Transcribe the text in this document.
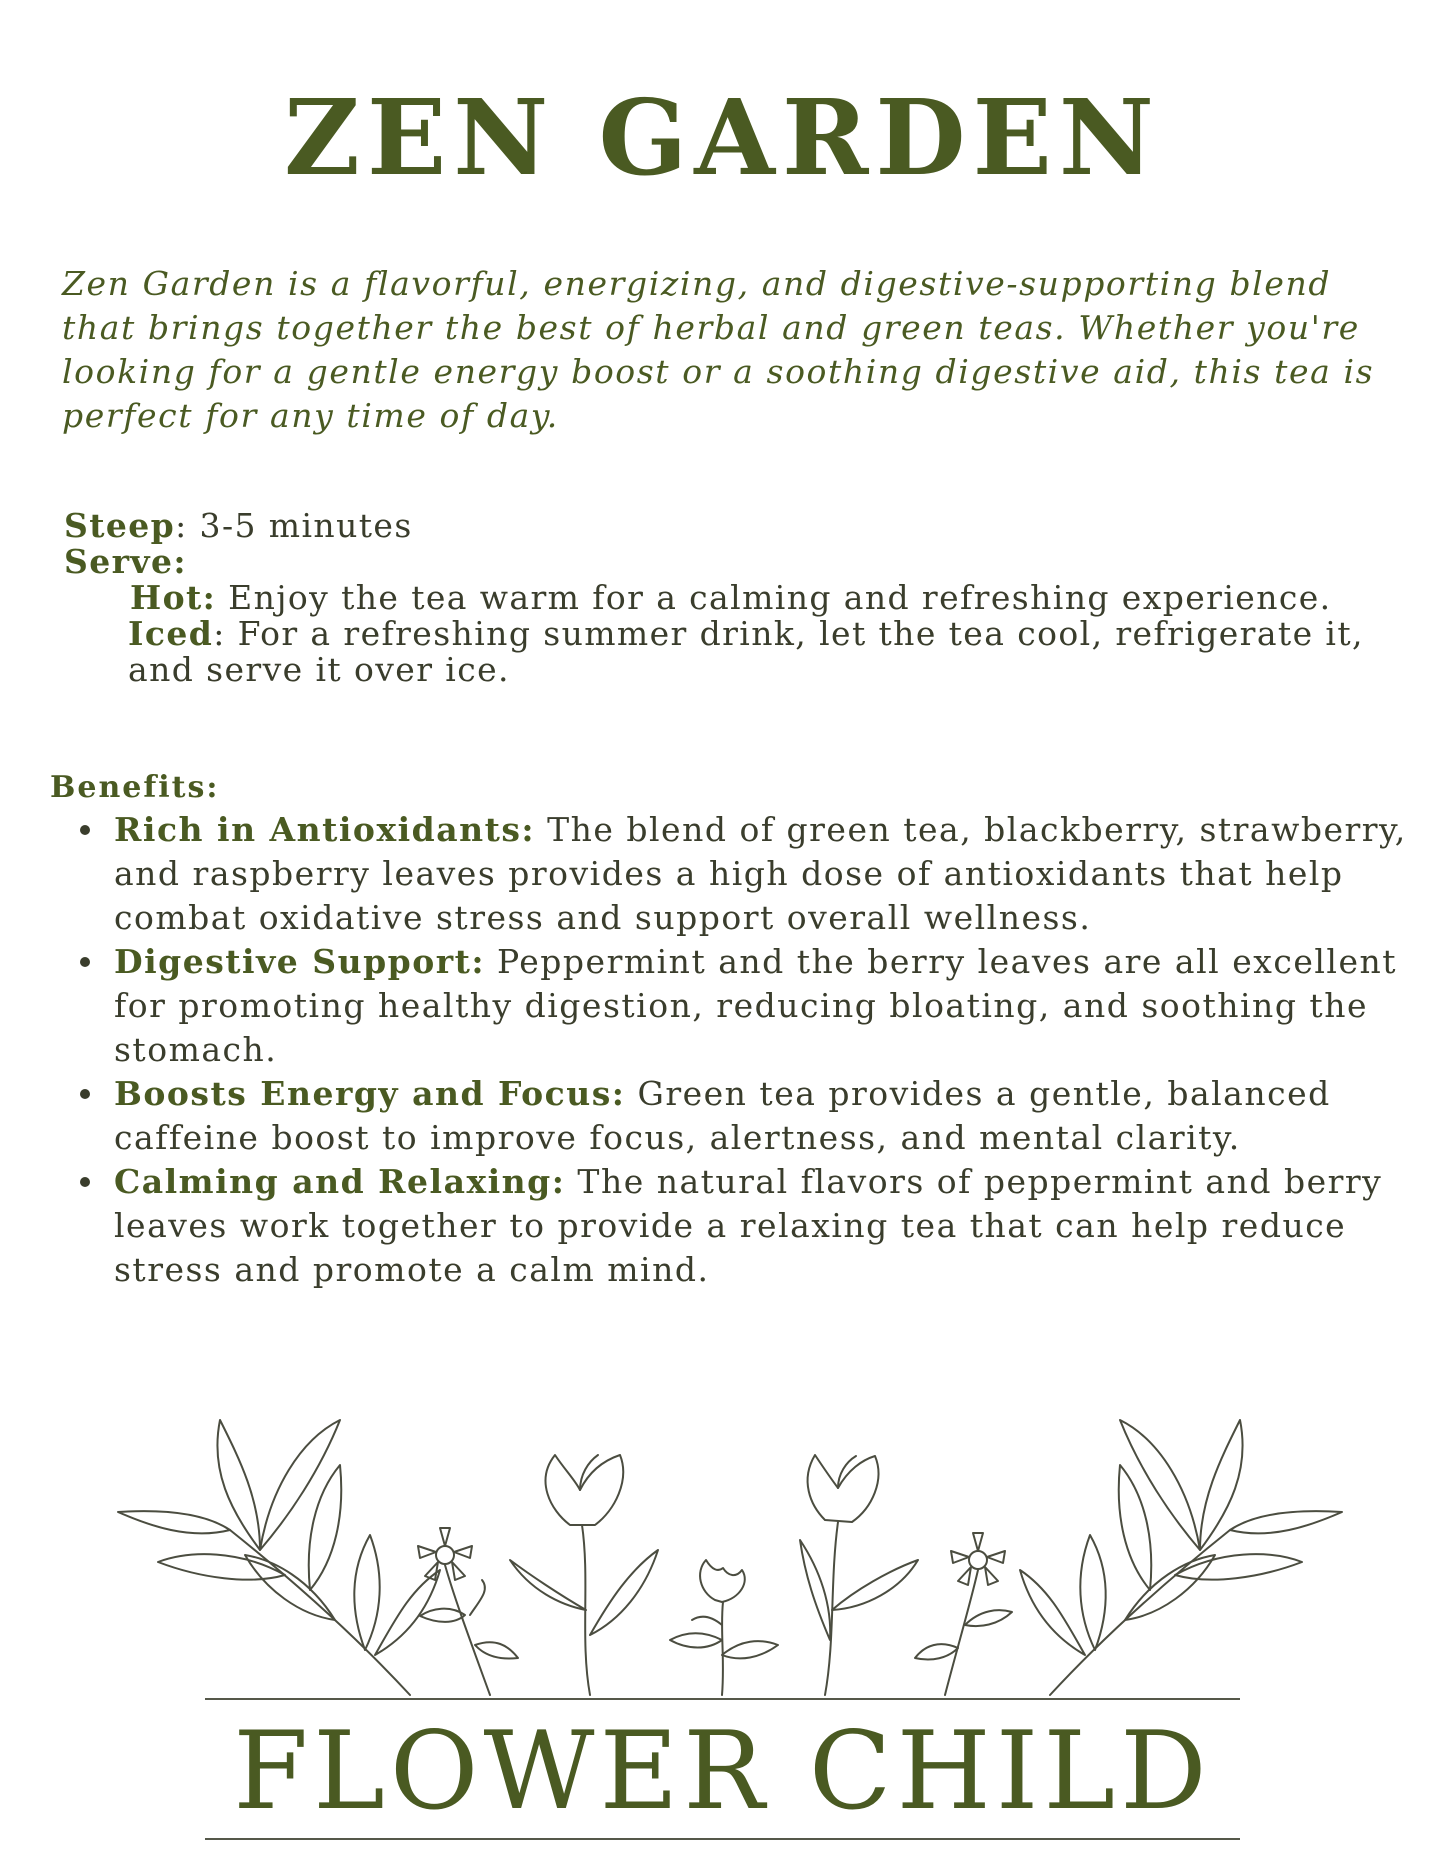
ZEN GARDEN

Zen Garden is a flavorful, energizing, and digestive-supporting blend that brings together the best of herbal and green teas. Whether you're looking for a gentle energy boost or a soothing digestive aid, this tea is perfect for any time of day.

Steep: 3-5 minutes

Serve:
Hot: Enjoy the tea warm for a calming and refreshing experience.
Iced: For a refreshing summer drink, let the tea cool, refrigerate it, and serve it over ice.

Benefits:

Rich in Antioxidants: The blend of green tea, blackberry, strawberry, and raspberry leaves provides a high dose of antioxidants that help combat oxidative stress and support overall wellness.
Digestive Support: Peppermint and the berry leaves are all excellent for promoting healthy digestion, reducing bloating, and soothing the stomach.
Boosts Energy and Focus: Green tea provides a gentle, balanced caffeine boost to improve focus, alertness, and mental clarity.
Calming and Relaxing: The natural flavors of peppermint and berry leaves work together to provide a relaxing tea that can help reduce stress and promote a calm mind.

FLOWER CHILD
